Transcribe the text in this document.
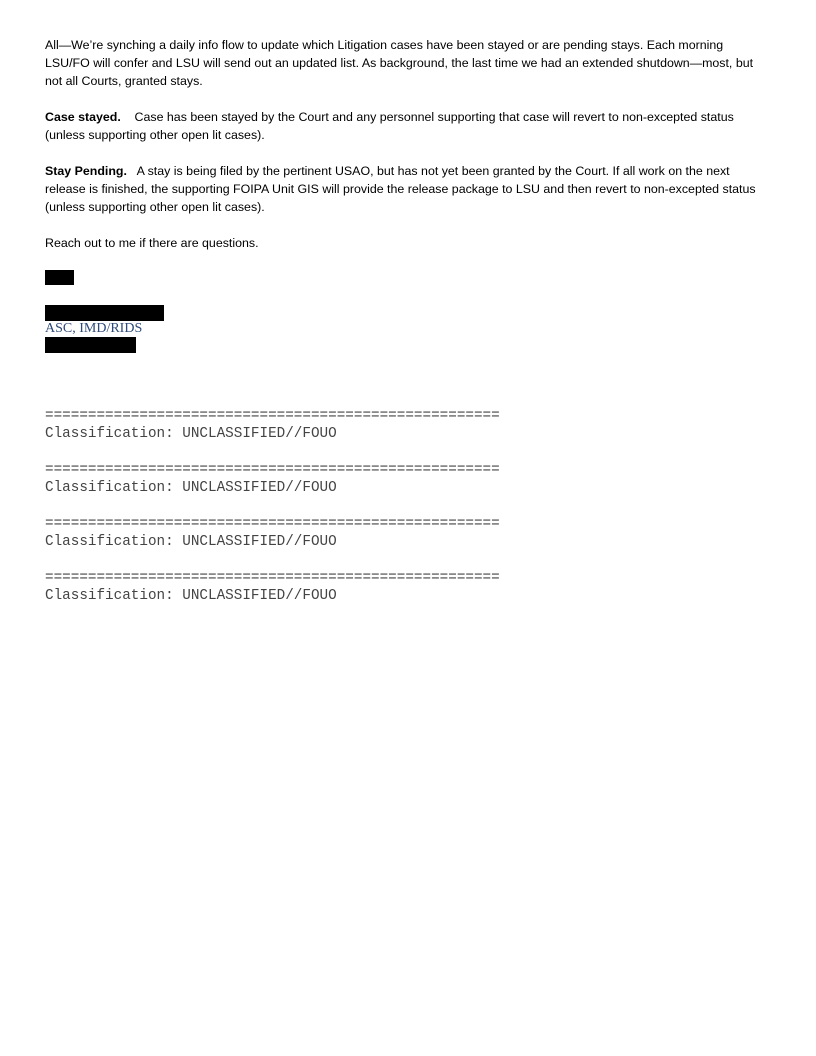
All—We’re synching a daily info flow to update which Litigation cases have been stayed or are pending stays. Each morning LSU/FO will confer and LSU will send out an updated list. As background, the last time we had an extended shutdown—most, but not all Courts, granted stays.

Case stayed. Case has been stayed by the Court and any personnel supporting that case will revert to non-excepted status (unless supporting other open lit cases).

Stay Pending. A stay is being filed by the pertinent USAO, but has not yet been granted by the Court. If all work on the next release is finished, the supporting FOIPA Unit GIS will provide the release package to LSU and then revert to non-excepted status (unless supporting other open lit cases).

Reach out to me if there are questions.

ASC, IMD/RIDS

=====================================================

Classification: UNCLASSIFIED//FOUO

=====================================================

Classification: UNCLASSIFIED//FOUO

=====================================================

Classification: UNCLASSIFIED//FOUO

=====================================================

Classification: UNCLASSIFIED//FOUO
